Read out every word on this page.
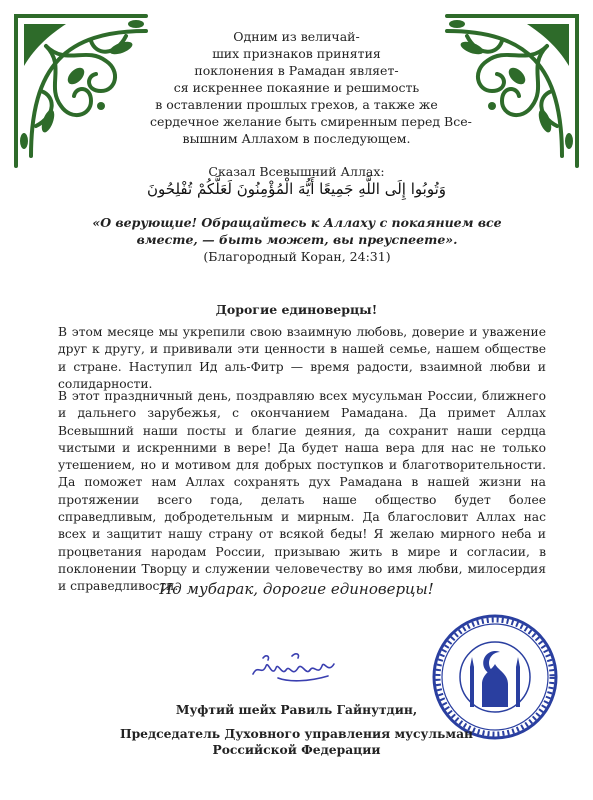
Одним из величай-
ших признаков принятия
поклонения в Рамадан являет-
ся искреннее покаяние и решимость
в оставлении прошлых грехов, а также же
сердечное желание быть смиренным перед Все-
вышним Аллахом в последующем.
Сказал Всевышний Аллах:
وَتُوبُوا إِلَى اللَّهِ جَمِيعًا أَيُّهَ الْمُؤْمِنُونَ لَعَلَّكُمْ تُفْلِحُونَ
«О верующие! Обращайтесь к Аллаху с покаянием все вместе, — быть может, вы преуспеете».
(Благородный Коран, 24:31)
Дорогие единоверцы!

В этом месяце мы укрепили свою взаимную любовь, доверие и уважение друг к другу, и прививали эти ценности в нашей семье, нашем обществе и стране. Наступил Ид аль-Фитр — время радости, взаимной любви и солидарности.

В этот праздничный день, поздравляю всех мусульман России, ближнего и дальнего зарубежья, с окончанием Рамадана. Да примет Аллах Всевышний наши посты и благие деяния, да сохранит наши сердца чистыми и искренними в вере! Да будет наша вера для нас не только утешением, но и мотивом для добрых поступков и благотворительности. Да поможет нам Аллах сохранять дух Рамадана в нашей жизни на протяжении всего года, делать наше общество будет более справедливым, добродетельным и мирным. Да благословит Аллах нас всех и защитит нашу страну от всякой беды! Я желаю мирного неба и процветания народам России, призываю жить в мире и согласии, в поклонении Творцу и служении человечеству во имя любви, милосердия и справедливости.

Ид мубарак, дорогие единоверцы!
Муфтий шейх Равиль Гайнутдин,
Председатель Духовного управления мусульман
Российской Федерации
